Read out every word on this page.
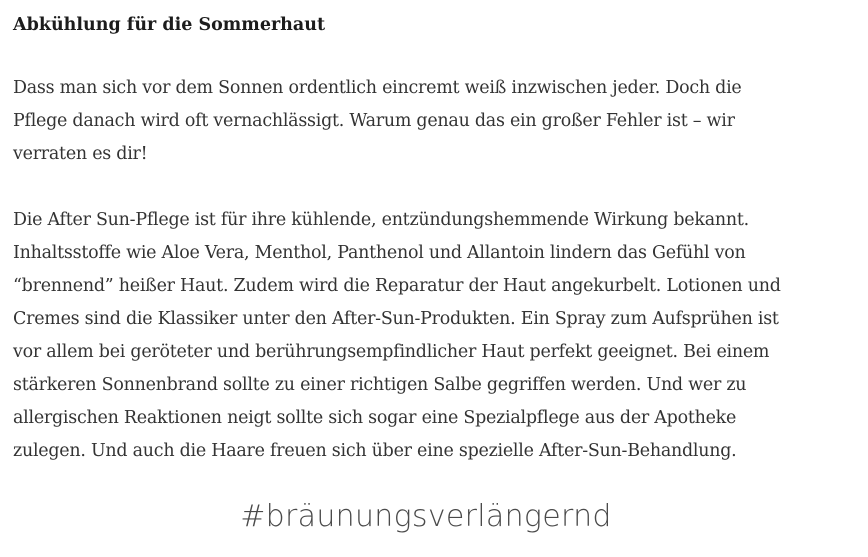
Abkühlung für die Sommerhaut

Dass man sich vor dem Sonnen ordentlich eincremt weiß inzwischen jeder. Doch die
Pflege danach wird oft vernachlässigt. Warum genau das ein großer Fehler ist – wir
verraten es dir!

Die After Sun-Pflege ist für ihre kühlende, entzündungshemmende Wirkung bekannt.
Inhaltsstoffe wie Aloe Vera, Menthol, Panthenol und Allantoin lindern das Gefühl von
“brennend” heißer Haut. Zudem wird die Reparatur der Haut angekurbelt. Lotionen und
Cremes sind die Klassiker unter den After-Sun-Produkten. Ein Spray zum Aufsprühen ist
vor allem bei geröteter und berührungsempfindlicher Haut perfekt geeignet. Bei einem
stärkeren Sonnenbrand sollte zu einer richtigen Salbe gegriffen werden. Und wer zu
allergischen Reaktionen neigt sollte sich sogar eine Spezialpflege aus der Apotheke
zulegen. Und auch die Haare freuen sich über eine spezielle After-Sun-Behandlung.

#bräunungsverlängernd
